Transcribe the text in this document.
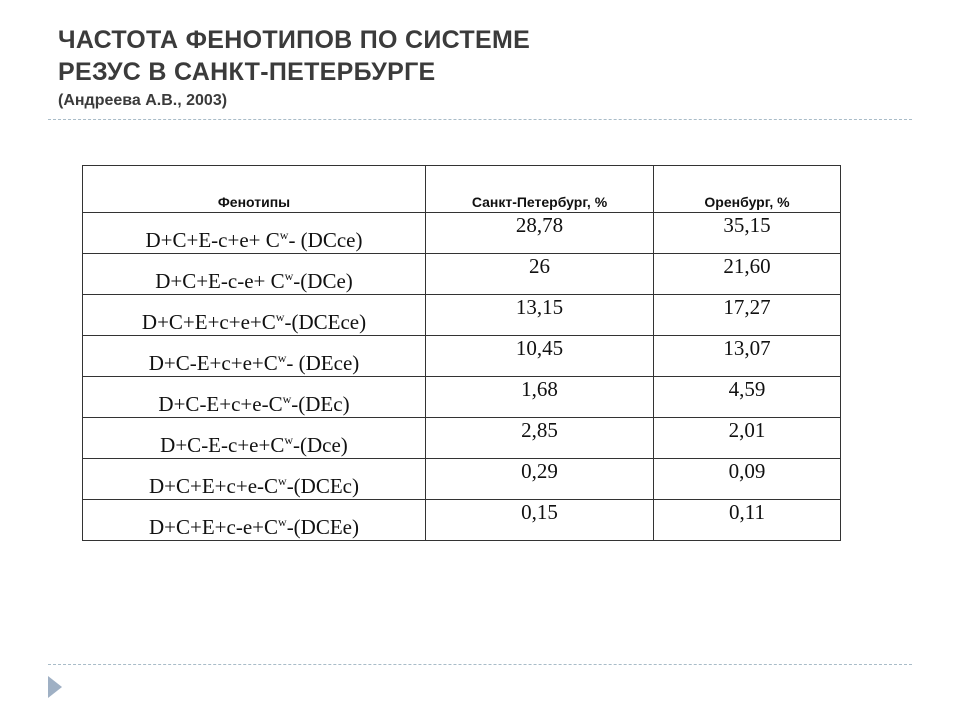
ЧАСТОТА ФЕНОТИПОВ ПО СИСТЕМЕ
РЕЗУС В САНКТ-ПЕТЕРБУРГЕ
(Андреева А.В., 2003)
Фенотипы	Санкт-Петербург, %	Оренбург, %
$D+C+E-c+e+ C^w-$ (DCce)	28,78	35,15
$D+C+E-c-e+ C^w-(DCe)$	26	21,60
$D+C+E+c+e+C^w-(DCEce)$	13,15	17,27
$D+C-E+c+e+C^w-$ (DEce)	10,45	13,07
$D+C-E+c+e-C^w-(DEc)$	1,68	4,59
$D+C-E-c+e+C^w-(Dce)$	2,85	2,01
$D+C+E+c+e-C^w-(DCEc)$	0,29	0,09
$D+C+E+c-e+C^w-(DCEe)$	0,15	0,11
